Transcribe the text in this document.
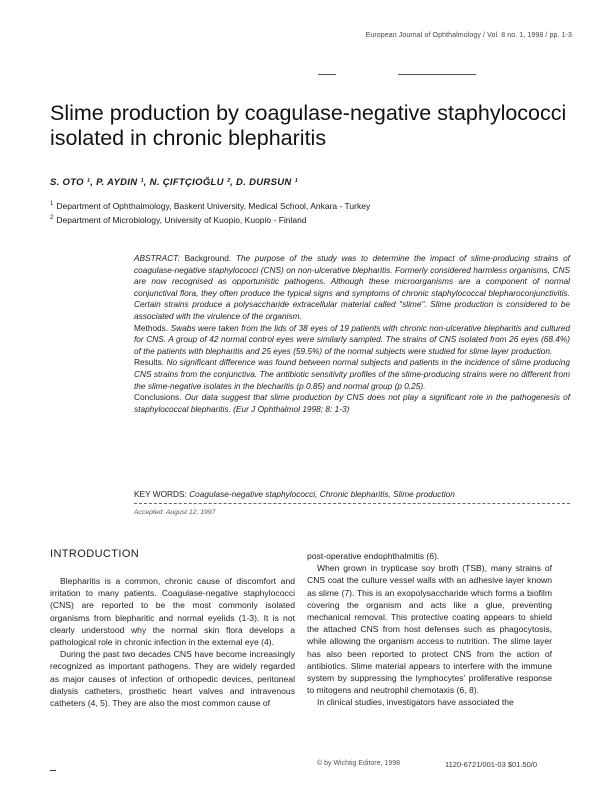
European Journal of Ophthalmology / Vol. 8 no. 1, 1998 / pp. 1-3
Slime production by coagulase-negative staphylococci isolated in chronic blepharitis
S. OTO ¹, P. AYDIN ¹, N. ÇIFTÇIOĞLU ², D. DURSUN ¹
$^1$ Department of Ophthalmology, Baskent University, Medical School, Ankara - Turkey
$^2$ Department of Microbiology, University of Kuopio, Kuopio - Finland

ABSTRACT: Background. The purpose of the study was to determine the impact of slime-producing strains of coagulase-negative staphylococci (CNS) on non-ulcerative blepharitis. Formerly considered harmless organisms, CNS are now recognised as opportunistic pathogens. Although these microorganisms are a component of normal conjunctival flora, they often produce the typical signs and symptoms of chronic staphylococcal blepharoconjunctivitis. Certain strains produce a polysaccharide extracellular material called "slime". Slime production is considered to be associated with the virulence of the organism.

Methods. Swabs were taken from the lids of 38 eyes of 19 patients with chronic non-ulcerative blepharitis and cultured for CNS. A group of 42 normal control eyes were similarly sampled. The strains of CNS isolated from 26 eyes (68.4%) of the patients with blepharitis and 25 eyes (59.5%) of the normal subjects were studied for slime layer production.

Results. No significant difference was found between normal subjects and patients in the incidence of slime producing CNS strains from the conjunctiva. The antibiotic sensitivity profiles of the slime-producing strains were no different from the slime-negative isolates in the blecharitis (p 0.85) and normal group (p 0.25).

Conclusions. Our data suggest that slime production by CNS does not play a significant role in the pathogenesis of staphylococcal blepharitis. (Eur J Ophthalmol 1998; 8: 1-3)

KEY WORDS: Coagulase-negative staphylococci, Chronic blepharitis, Slime production
Accepted: August 12, 1997
INTRODUCTION

Blepharitis is a common, chronic cause of discomfort and irritation to many patients. Coagulase-negative staphylococci (CNS) are reported to be the most commonly isolated organisms from blepharitic and normal eyelids (1-3). It is not clearly understood why the normal skin flora develops a pathological role in chronic infection in the external eye (4).

During the past two decades CNS have become increasingly recognized as important pathogens. They are widely regarded as major causes of infection of orthopedic devices, peritoneal dialysis catheters, prosthetic heart valves and intravenous catheters (4, 5). They are also the most common cause of

post-operative endophthalmitis (6).

When grown in trypticase soy broth (TSB), many strains of CNS coat the culture vessel walls with an adhesive layer known as slime (7). This is an exopolysaccharide which forms a biofilm covering the organism and acts like a glue, preventing mechanical removal. This protective coating appears to shield the attached CNS from host defenses such as phagocytosis, while allowing the organism access to nutrition. The slime layer has also been reported to protect CNS from the action of antibiotics. Slime material appears to interfere with the immune system by suppressing the lymphocytes' proliferative response to mitogens and neutrophil chemotaxis (6, 8).

In clinical studies, investigators have associated the

© by Wichtig Editore, 1998	1120-6721/001-03 $01.50/0
